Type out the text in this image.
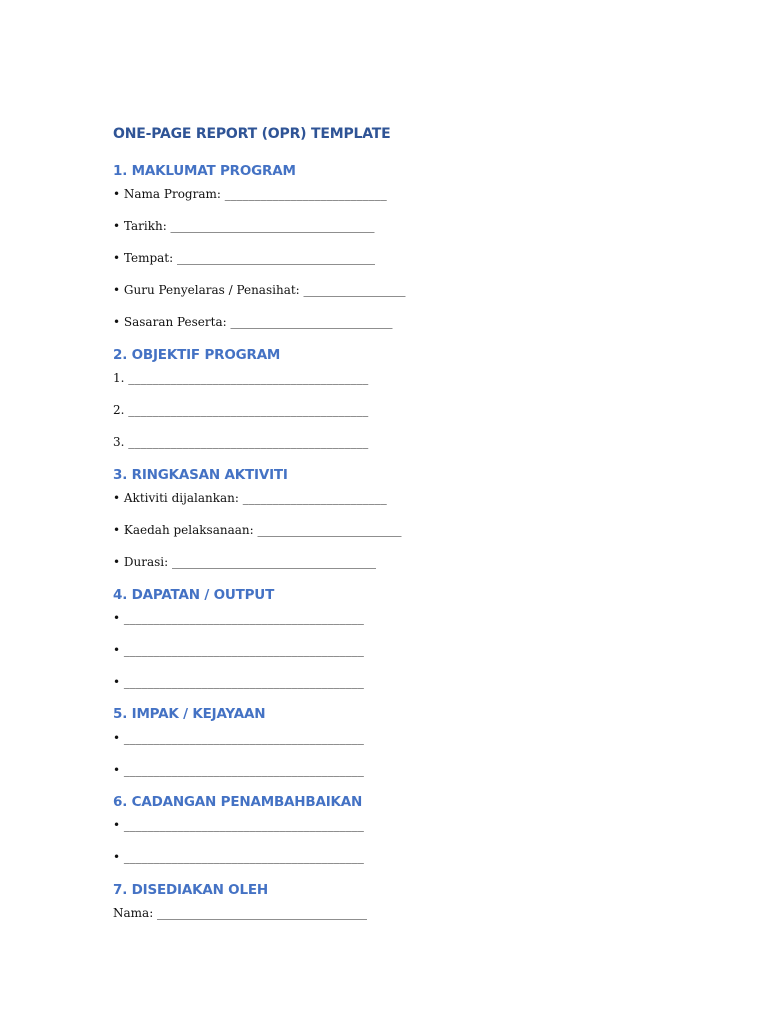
ONE-PAGE REPORT (OPR) TEMPLATE
1. MAKLUMAT PROGRAM

• Nama Program: ___________________________

• Tarikh: __________________________________

• Tempat: _________________________________

• Guru Penyelaras / Penasihat: _________________

• Sasaran Peserta: ___________________________

2. OBJEKTIF PROGRAM

1. ________________________________________

2. ________________________________________

3. ________________________________________

3. RINGKASAN AKTIVITI

• Aktiviti dijalankan: ________________________

• Kaedah pelaksanaan: ________________________

• Durasi: __________________________________

4. DAPATAN / OUTPUT

• ________________________________________

• ________________________________________

• ________________________________________

5. IMPAK / KEJAYAAN

• ________________________________________

• ________________________________________

6. CADANGAN PENAMBAHBAIKAN

• ________________________________________

• ________________________________________

7. DISEDIAKAN OLEH

Nama: ___________________________________
